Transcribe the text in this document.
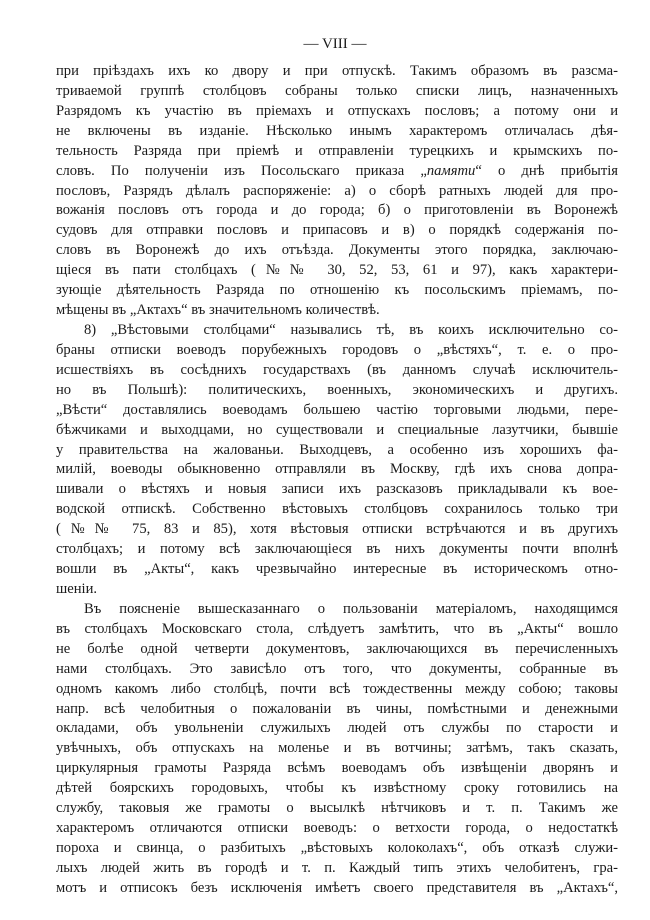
— VIII —
при прiѣздахъ ихъ ко двору и при отпускѣ. Такимъ образомъ въ разсма-
триваемой группѣ столбцовъ собраны только списки лицъ, назначенныхъ
Разрядомъ къ участiю въ прiемахъ и отпускахъ пословъ; а потому они и
не включены въ изданiе. Нѣсколько инымъ характеромъ отличалась дѣя-
тельность Разряда при прiемѣ и отправленiи турецкихъ и крымскихъ по-
словъ. По полученiи изъ Посольскаго приказа „памяти“ о днѣ прибытiя
пословъ, Разрядъ дѣлалъ распоряженiе: а) о сборѣ ратныхъ людей для про-
вожанiя пословъ отъ города и до города; б) о приготовленiи въ Воронежѣ
судовъ для отправки пословъ и припасовъ и в) о порядкѣ содержанiя по-
словъ въ Воронежѣ до ихъ отъѣзда. Документы этого порядка, заключаю-
щiеся въ пати столбцахъ (№№ 30, 52, 53, 61 и 97), какъ характери-
зующiе дѣятельность Разряда по отношенiю къ посольскимъ прiемамъ, по-
мѣщены въ „Актахъ“ въ значительномъ количествѣ.
8) „Вѣстовыми столбцами“ назывались тѣ, въ коихъ исключительно со-
браны отписки воеводъ порубежныхъ городовъ о „вѣстяхъ“, т. е. о про-
исшествiяхъ въ сосѣднихъ государствахъ (въ данномъ случаѣ исключитель-
но въ Польшѣ): политическихъ, военныхъ, экономическихъ и другихъ.
„Вѣсти“ доставлялись воеводамъ большею частiю торговыми людьми, пере-
бѣжчиками и выходцами, но существовали и специальные лазутчики, бывшiе
у правительства на жалованьи. Выходцевъ, а особенно изъ хорошихъ фа-
милiй, воеводы обыкновенно отправляли въ Москву, гдѣ ихъ снова допра-
шивали о вѣстяхъ и новыя записи ихъ разсказовъ прикладывали къ вое-
водской отпискѣ. Собственно вѣстовыхъ столбцовъ сохранилось только три
(№№ 75, 83 и 85), хотя вѣстовыя отписки встрѣчаются и въ другихъ
столбцахъ; и потому всѣ заключающiеся въ нихъ документы почти вполнѣ
вошли въ „Акты“, какъ чрезвычайно интересные въ историческомъ отно-
шенiи.
Въ поясненiе вышесказаннаго о пользованiи матерiаломъ, находящимся
въ столбцахъ Московскаго стола, слѣдуетъ замѣтить, что въ „Акты“ вошло
не болѣе одной четверти документовъ, заключающихся въ перечисленныхъ
нами столбцахъ. Это зависѣло отъ того, что документы, собранные въ
одномъ какомъ либо столбцѣ, почти всѣ тождественны между собою; таковы
напр. всѣ челобитныя о пожалованiи въ чины, помѣстными и денежными
окладами, объ увольненiи служилыхъ людей отъ службы по старости и
увѣчныхъ, объ отпускахъ на моленье и въ вотчины; затѣмъ, такъ сказать,
циркулярныя грамоты Разряда всѣмъ воеводамъ объ извѣщенiи дворянъ и
дѣтей боярскихъ городовыхъ, чтобы къ извѣстному сроку готовились на
службу, таковыя же грамоты о высылкѣ нѣтчиковъ и т. п. Такимъ же
характеромъ отличаются отписки воеводъ: о ветхости города, о недостаткѣ
пороха и свинца, о разбитыхъ „вѣстовыхъ колоколахъ“, объ отказѣ служи-
лыхъ людей жить въ городѣ и т. п. Каждый типъ этихъ челобитенъ, гра-
мотъ и отписокъ безъ исключенiя имѣетъ своего представителя въ „Актахъ“,
